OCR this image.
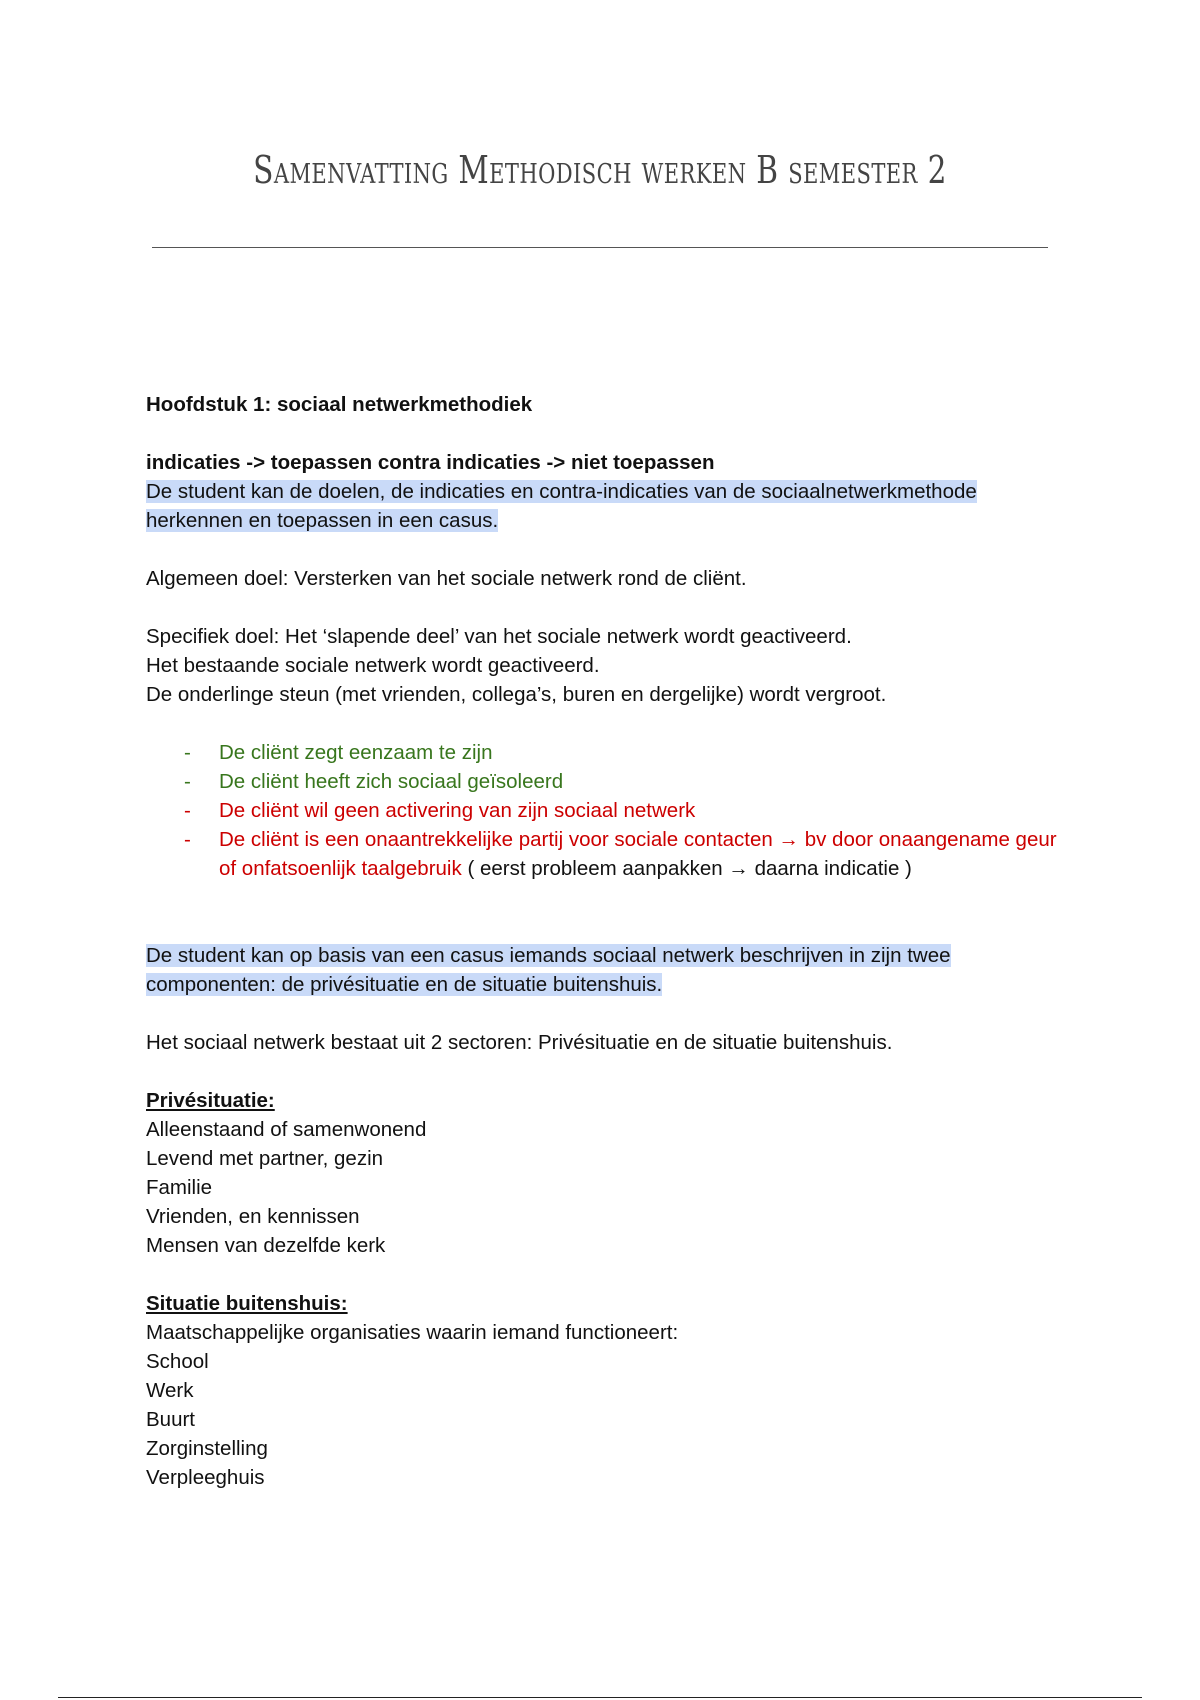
Samenvatting Methodisch werken B semester 2
Hoofdstuk 1: sociaal netwerkmethodiek
indicaties -> toepassen contra indicaties -> niet toepassen
De student kan de doelen, de indicaties en contra-indicaties van de sociaalnetwerkmethode
herkennen en toepassen in een casus.
Algemeen doel: Versterken van het sociale netwerk rond de cliënt.
Specifiek doel: Het ‘slapende deel’ van het sociale netwerk wordt geactiveerd.
Het bestaande sociale netwerk wordt geactiveerd.
De onderlinge steun (met vrienden, collega’s, buren en dergelijke) wordt vergroot.
- De cliënt zegt eenzaam te zijn
- De cliënt heeft zich sociaal geïsoleerd
- De cliënt wil geen activering van zijn sociaal netwerk
- De cliënt is een onaantrekkelijke partij voor sociale contacten → bv door onaangename geur of onfatsoenlijk taalgebruik ( eerst probleem aanpakken → daarna indicatie )
De student kan op basis van een casus iemands sociaal netwerk beschrijven in zijn twee
componenten: de privésituatie en de situatie buitenshuis.
Het sociaal netwerk bestaat uit 2 sectoren: Privésituatie en de situatie buitenshuis.
Privésituatie:
Alleenstaand of samenwonend
Levend met partner, gezin
Familie
Vrienden, en kennissen
Mensen van dezelfde kerk
Situatie buitenshuis:
Maatschappelijke organisaties waarin iemand functioneert:
School
Werk
Buurt
Zorginstelling
Verpleeghuis
